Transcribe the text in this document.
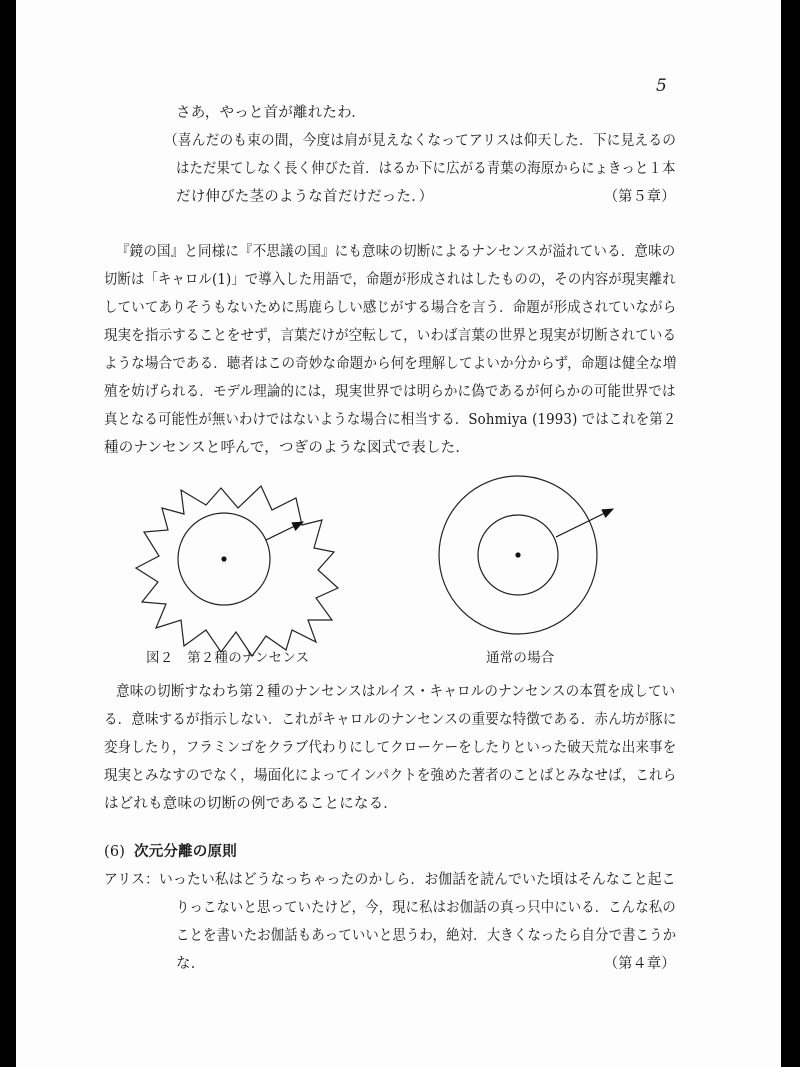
5
さあ，やっと首が離れたわ．
（喜んだのも束の間，今度は肩が見えなくなってアリスは仰天した．下に見えるの
はただ果てしなく長く伸びた首．はるか下に広がる青葉の海原からにょきっと１本
だけ伸びた茎のような首だけだった．）	（第５章）
『鏡の国』と同様に『不思議の国』にも意味の切断によるナンセンスが溢れている．意味の
切断は「キャロル(1)」で導入した用語で，命題が形成されはしたものの，その内容が現実離れ
していてありそうもないために馬鹿らしい感じがする場合を言う．命題が形成されていながら
現実を指示することをせず，言葉だけが空転して，いわば言葉の世界と現実が切断されている
ような場合である．聴者はこの奇妙な命題から何を理解してよいか分からず，命題は健全な増
殖を妨げられる．モデル理論的には，現実世界では明らかに偽であるが何らかの可能世界では
真となる可能性が無いわけではないような場合に相当する．Sohmiya (1993) ではこれを第２
種のナンセンスと呼んで，つぎのような図式で表した．
図２　第２種のナンセンス	通常の場合
意味の切断すなわち第２種のナンセンスはルイス・キャロルのナンセンスの本質を成してい
る．意味するが指示しない．これがキャロルのナンセンスの重要な特徴である．赤ん坊が豚に
変身したり，フラミンゴをクラブ代わりにしてクローケーをしたりといった破天荒な出来事を
現実とみなすのでなく，場面化によってインパクトを強めた著者のことばとみなせば，これら
はどれも意味の切断の例であることになる．
(6) 次元分離の原則
アリス：いったい私はどうなっちゃったのかしら．お伽話を読んでいた頃はそんなこと起こ
りっこないと思っていたけど，今，現に私はお伽話の真っ只中にいる．こんな私の
ことを書いたお伽話もあっていいと思うわ，絶対．大きくなったら自分で書こうか
な．	（第４章）
